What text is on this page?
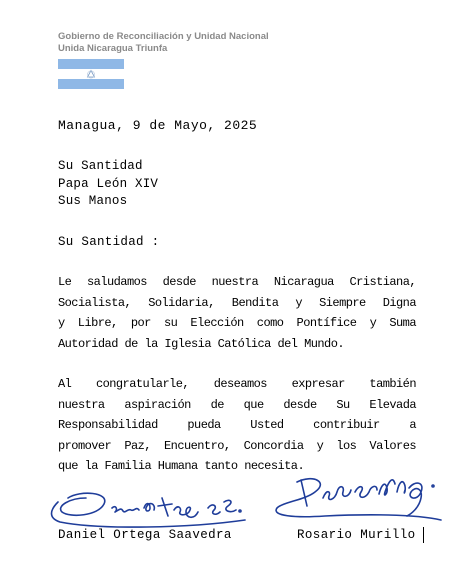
Gobierno de Reconciliación y Unidad Nacional
Unida Nicaragua Triunfa
Managua, 9 de Mayo, 2025
Su Santidad
Papa León XIV
Sus Manos
Su Santidad :
Le saludamos desde nuestra Nicaragua Cristiana,
Socialista, Solidaria, Bendita y Siempre Digna
y Libre, por su Elección como Pontífice y Suma
Autoridad de la Iglesia Católica del Mundo.
Al congratularle, deseamos expresar también
nuestra aspiración de que desde Su Elevada
Responsabilidad pueda Usted contribuir a
promover Paz, Encuentro, Concordia y los Valores
que la Familia Humana tanto necesita.
Daniel Ortega Saavedra	Rosario Murillo
